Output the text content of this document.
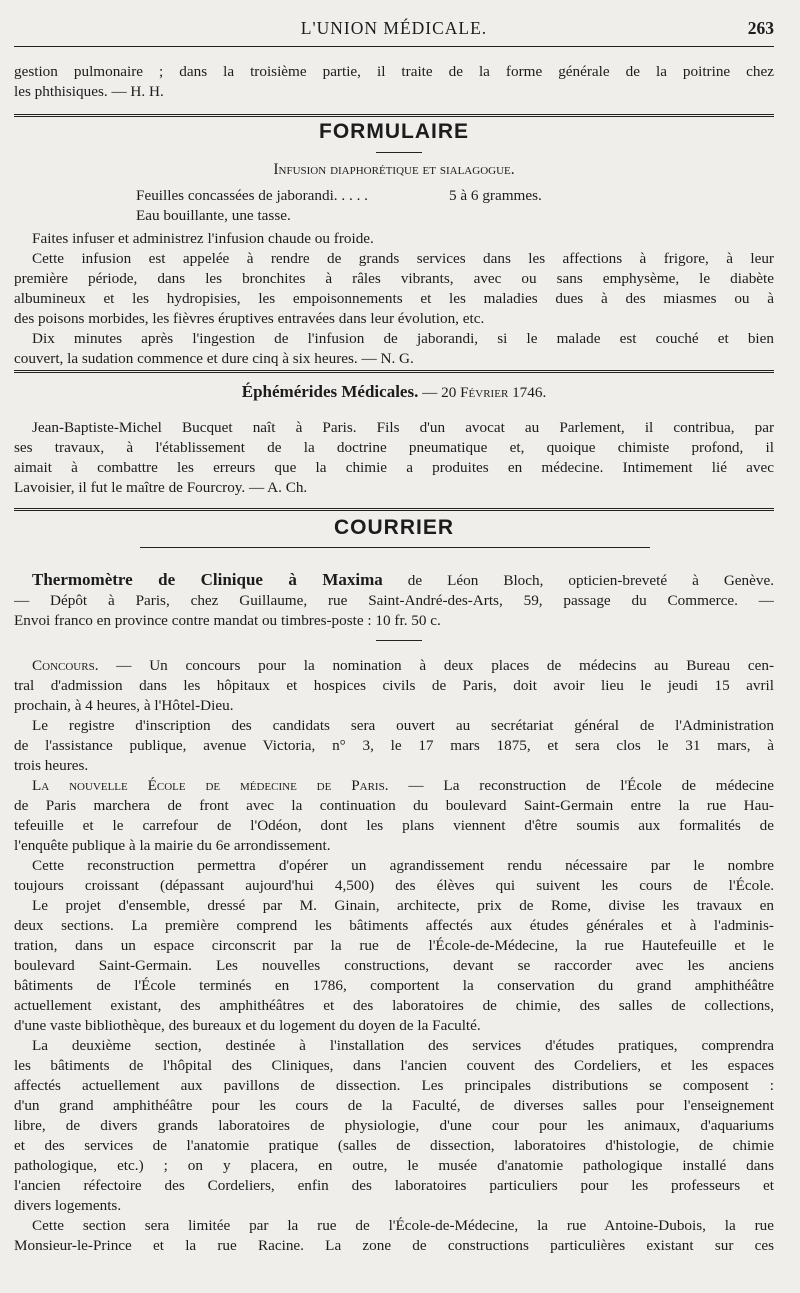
L'UNION MÉDICALE.	263
gestion pulmonaire ; dans la troisième partie, il traite de la forme générale de la poitrine chez
les phthisiques. — H. H.
FORMULAIRE
Infusion diaphorétique et sialagogue.
Feuilles concassées de jaborandi. . . . .	5 à 6 grammes.
Eau bouillante, une tasse.
Faites infuser et administrez l'infusion chaude ou froide.
Cette infusion est appelée à rendre de grands services dans les affections à frigore, à leur
première période, dans les bronchites à râles vibrants, avec ou sans emphysème, le diabète
albumineux et les hydropisies, les empoisonnements et les maladies dues à des miasmes ou à
des poisons morbides, les fièvres éruptives entravées dans leur évolution, etc.
Dix minutes après l'ingestion de l'infusion de jaborandi, si le malade est couché et bien
couvert, la sudation commence et dure cinq à six heures. — N. G.
Éphémérides Médicales. — 20 Février 1746.
Jean-Baptiste-Michel Bucquet naît à Paris. Fils d'un avocat au Parlement, il contribua, par
ses travaux, à l'établissement de la doctrine pneumatique et, quoique chimiste profond, il
aimait à combattre les erreurs que la chimie a produites en médecine. Intimement lié avec
Lavoisier, il fut le maître de Fourcroy. — A. Ch.
COURRIER
Thermomètre de Clinique à Maxima de Léon Bloch, opticien-breveté à Genève.
— Dépôt à Paris, chez Guillaume, rue Saint-André-des-Arts, 59, passage du Commerce. —
Envoi franco en province contre mandat ou timbres-poste : 10 fr. 50 c.
Concours. — Un concours pour la nomination à deux places de médecins au Bureau cen-
tral d'admission dans les hôpitaux et hospices civils de Paris, doit avoir lieu le jeudi 15 avril
prochain, à 4 heures, à l'Hôtel-Dieu.
Le registre d'inscription des candidats sera ouvert au secrétariat général de l'Administration
de l'assistance publique, avenue Victoria, n° 3, le 17 mars 1875, et sera clos le 31 mars, à
trois heures.
La nouvelle École de médecine de Paris. — La reconstruction de l'École de médecine
de Paris marchera de front avec la continuation du boulevard Saint-Germain entre la rue Hau-
tefeuille et le carrefour de l'Odéon, dont les plans viennent d'être soumis aux formalités de
l'enquête publique à la mairie du 6e arrondissement.
Cette reconstruction permettra d'opérer un agrandissement rendu nécessaire par le nombre
toujours croissant (dépassant aujourd'hui 4,500) des élèves qui suivent les cours de l'École.
Le projet d'ensemble, dressé par M. Ginain, architecte, prix de Rome, divise les travaux en
deux sections. La première comprend les bâtiments affectés aux études générales et à l'adminis-
tration, dans un espace circonscrit par la rue de l'École-de-Médecine, la rue Hautefeuille et le
boulevard Saint-Germain. Les nouvelles constructions, devant se raccorder avec les anciens
bâtiments de l'École terminés en 1786, comportent la conservation du grand amphithéâtre
actuellement existant, des amphithéâtres et des laboratoires de chimie, des salles de collections,
d'une vaste bibliothèque, des bureaux et du logement du doyen de la Faculté.
La deuxième section, destinée à l'installation des services d'études pratiques, comprendra
les bâtiments de l'hôpital des Cliniques, dans l'ancien couvent des Cordeliers, et les espaces
affectés actuellement aux pavillons de dissection. Les principales distributions se composent :
d'un grand amphithéâtre pour les cours de la Faculté, de diverses salles pour l'enseignement
libre, de divers grands laboratoires de physiologie, d'une cour pour les animaux, d'aquariums
et des services de l'anatomie pratique (salles de dissection, laboratoires d'histologie, de chimie
pathologique, etc.) ; on y placera, en outre, le musée d'anatomie pathologique installé dans
l'ancien réfectoire des Cordeliers, enfin des laboratoires particuliers pour les professeurs et
divers logements.
Cette section sera limitée par la rue de l'École-de-Médecine, la rue Antoine-Dubois, la rue
Monsieur-le-Prince et la rue Racine. La zone de constructions particulières existant sur ces
